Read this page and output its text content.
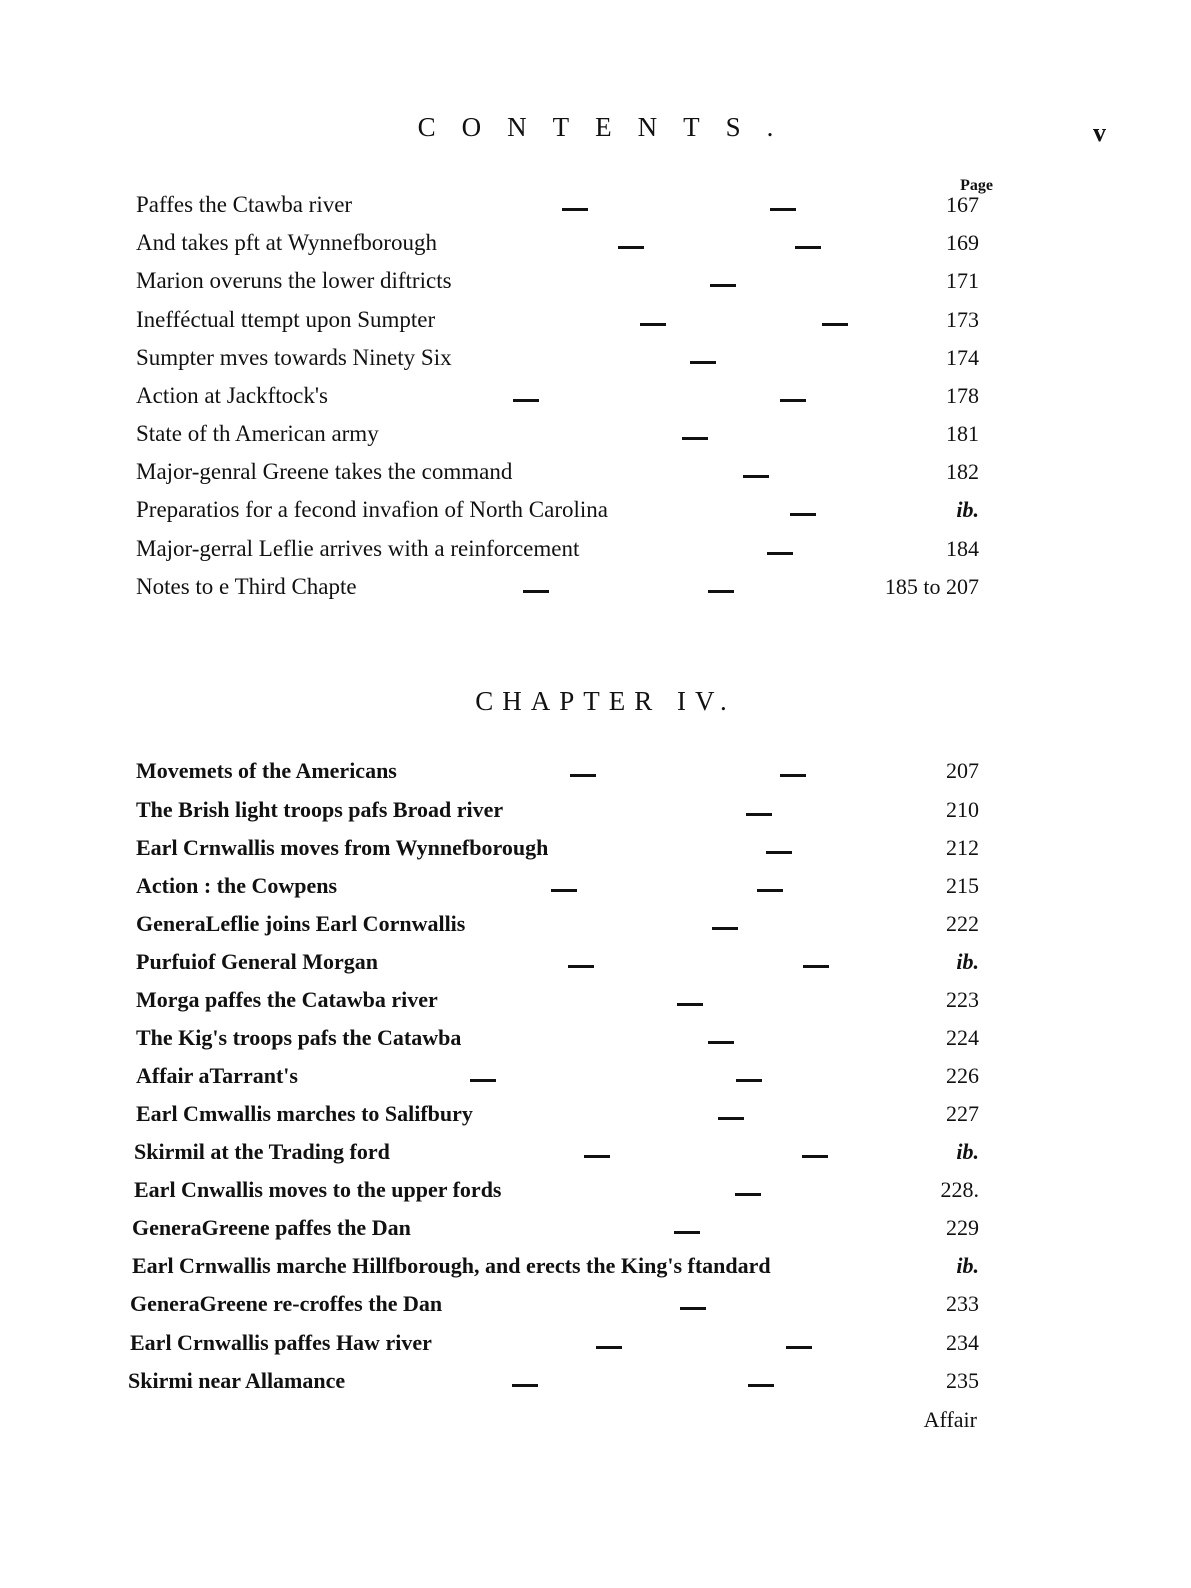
CONTENTS.	v
Page
Paffes the Ctawba river	167
And takes pft at Wynnefborough	169
Marion overuns the lower diftricts	171
Inefféctual ttempt upon Sumpter	173
Sumpter mves towards Ninety Six	174
Action at Jackftock's	178
State of th American army	181
Major-genral Greene takes the command	182
Preparatios for a fecond invafion of North Carolina	ib.
Major-gerral Leflie arrives with a reinforcement	184
Notes to e Third Chapte	185 to 207
CHAPTER IV.
Movemets of the Americans	207
The Brish light troops pafs Broad river	210
Earl Crnwallis moves from Wynnefborough	212
Action : the Cowpens	215
GeneraLeflie joins Earl Cornwallis	222
Purfuiof General Morgan	ib.
Morga paffes the Catawba river	223
The Kig's troops pafs the Catawba	224
Affair aTarrant's	226
Earl Cmwallis marches to Salifbury	227
Skirmil at the Trading ford	ib.
Earl Cnwallis moves to the upper fords	228.
GeneraGreene paffes the Dan	229
Earl Crnwallis marche Hillfborough, and erects the King's ftandard	ib.
GeneraGreene re-croffes the Dan	233
Earl Crnwallis paffes Haw river	234
Skirmi near Allamance	235
Affair
